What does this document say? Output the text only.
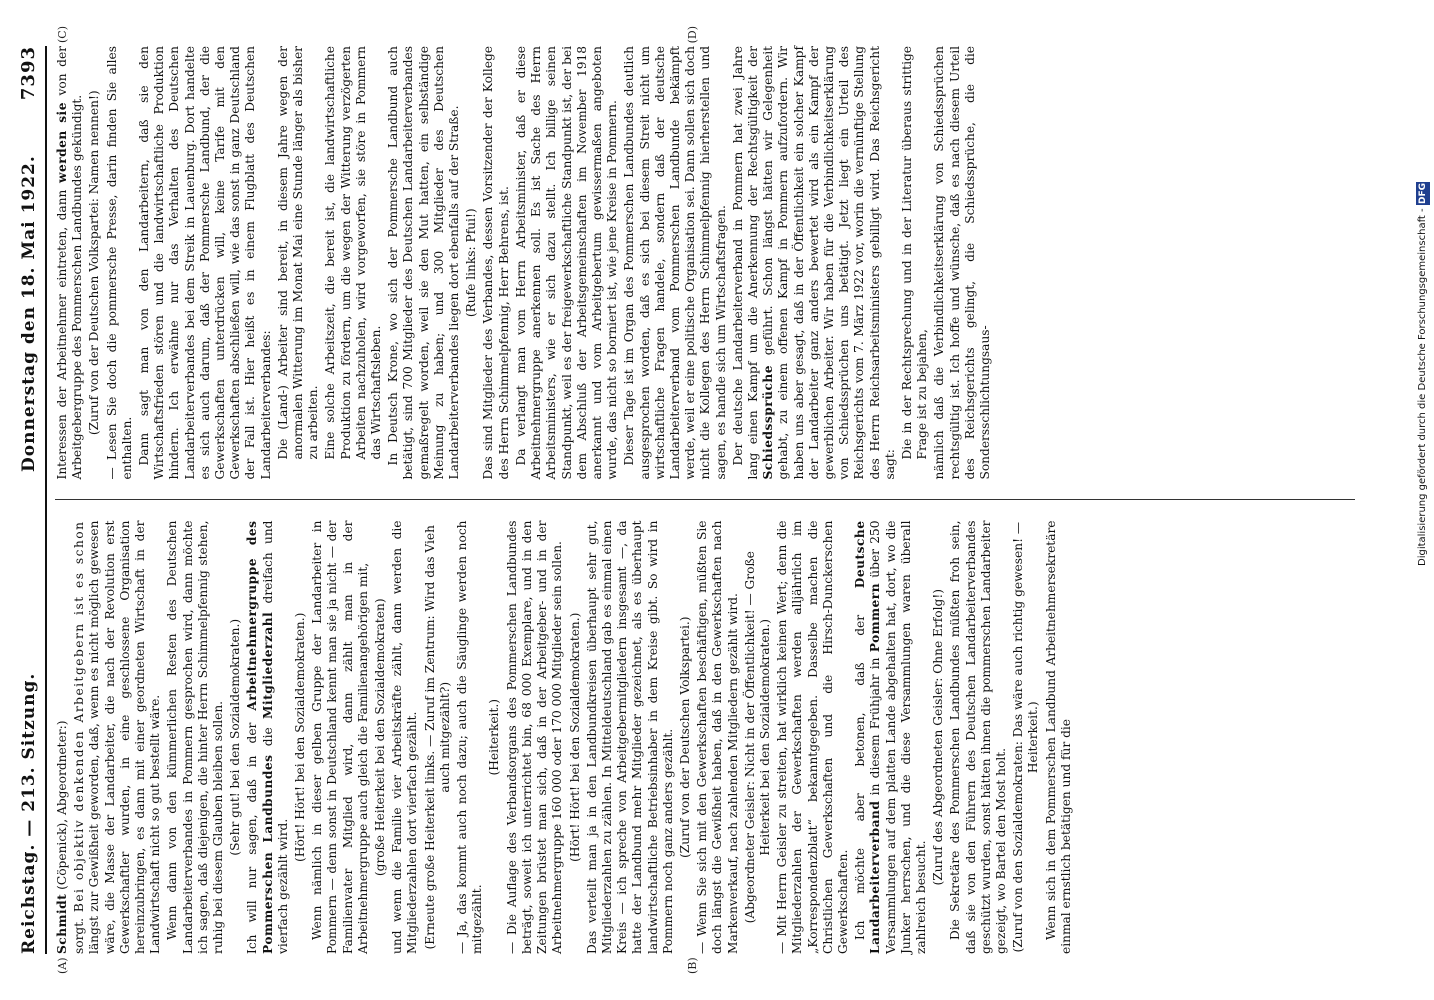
Reichstag. — 213. Sitzung.
Donnerstag den 18. Mai 1922.
7393
(A)	(B)

Schmidt (Cöpenick), Abgeordneter:)

sorgt. Bei objektiv denkenden Arbeitgebern ist es schon längst zur Gewißheit geworden, daß, wenn es nicht möglich gewesen wäre, die Masse der Landarbeiter, die nach der Revolution erst Gewerkschaftler wurden, in eine geschlossene Organisation hereinzubringen, es dann mit einer geordneten Wirtschaft in der Landwirtschaft nicht so gut bestellt wäre. Wenn dann von den kümmerlichen Resten des Deutschen Landarbeiterverbandes in Pommern gesprochen wird, dann möchte ich sagen, daß diejenigen, die hinter Herrn Schimmelpfennig stehen, ruhig bei diesem Glauben bleiben sollen. (Sehr gut! bei den Sozialdemokraten.) Ich will nur sagen, daß in der Arbeitnehmergruppe des Pommerschen Landbundes die Mitgliederzahl dreifach und vierfach gezählt wird.

(Hört! Hört! bei den Sozialdemokraten.) Wenn nämlich in dieser gelben Gruppe der Landarbeiter in Pommern — denn sonst in Deutschland kennt man sie ja nicht — der Familienvater Mitglied wird, dann zählt man in der Arbeitnehmergruppe auch gleich die Familienangehörigen mit, (große Heiterkeit bei den Sozialdemokraten) und wenn die Familie vier Arbeitskräfte zählt, dann werden die Mitgliederzahlen dort vierfach gezählt. (Erneute große Heiterkeit links. — Zuruf im Zentrum: Wird das Vieh auch mitgezählt?) — Ja, das kommt auch noch dazu; auch die Säuglinge werden noch mitgezählt.

(Heiterkeit.) — Die Auflage des Verbandsorgans des Pommerschen Landbundes beträgt, soweit ich unterrichtet bin, 68 000 Exemplare, und in den Zeitungen brüstet man sich, daß in der Arbeitgeber- und in der Arbeitnehmergruppe 160 000 oder 170 000 Mitglieder sein sollen. (Hört! Hört! bei den Sozialdemokraten.) Das verteilt man ja in den Landbundkreisen überhaupt sehr gut, Mitgliederzahlen zu zählen. In Mitteldeutschland gab es einmal einen Kreis — ich spreche von Arbeitgebermitgliedern insgesamt —, da hatte der Landbund mehr Mitglieder gezeichnet, als es überhaupt landwirtschaftliche Betriebsinhaber in dem Kreise gibt. So wird in Pommern noch ganz anders gezählt. (Zuruf von der Deutschen Volkspartei.) — Wenn Sie sich mit den Gewerkschaften beschäftigen, müßten Sie doch längst die Gewißheit haben, daß in den Gewerkschaften nach Markenverkauf, nach zahlenden Mitgliedern gezählt wird. (Abgeordneter Geisler: Nicht in der Öffentlichkeit! — Große Heiterkeit bei den Sozialdemokraten.) — Mit Herrn Geisler zu streiten, hat wirklich keinen Wert; denn die Mitgliederzahlen der Gewerkschaften werden alljährlich im „Korrespondenzblatt“ bekanntgegeben. Dasselbe machen die Christlichen Gewerkschaften und die Hirsch-Dunckerschen Gewerkschaften. Ich möchte aber betonen, daß der Deutsche Landarbeiterverband in diesem Frühjahr in Pommern über 250 Versammlungen auf dem platten Lande abgehalten hat, dort, wo die Junker herrschen, und die diese Versammlungen waren überall zahlreich besucht.

(Zuruf des Abgeordneten Geisler: Ohne Erfolg!) Die Sekretäre des Pommerschen Landbundes müßten froh sein, daß sie von den Führern des Deutschen Landarbeiterverbandes geschützt wurden, sonst hätten ihnen die pommerschen Landarbeiter gezeigt, wo Bartel den Most holt. (Zuruf von den Sozialdemokraten: Das wäre auch richtig gewesen! — Heiterkeit.) Wenn sich in dem Pommerschen Landbund Arbeitnehmersekretäre einmal ernstlich betätigen und für die

(C)	(D)

Interessen der Arbeitnehmer eintreten, dann werden sie von der Arbeitgebergruppe des Pommerschen Landbundes gekündigt. (Zuruf von der Deutschen Volkspartei: Namen nennen!) — Lesen Sie doch die pommersche Presse, darin finden Sie alles enthalten. Dann sagt man von den Landarbeitern, daß sie den Wirtschaftsfrieden stören und die landwirtschaftliche Produktion hindern. Ich erwähne nur das Verhalten des Deutschen Landarbeiterverbandes bei dem Streik in Lauenburg. Dort handelte es sich auch darum, daß der Pommersche Landbund, der die Gewerkschaften unterdrücken will, keine Tarife mit den Gewerkschaften abschließen will, wie das sonst in ganz Deutschland der Fall ist. Hier heißt es in einem Flugblatt des Deutschen Landarbeiterverbandes: Die (Land-) Arbeiter sind bereit, in diesem Jahre wegen der anormalen Witterung im Monat Mai eine Stunde länger als bisher zu arbeiten. Eine solche Arbeitszeit, die bereit ist, die landwirtschaftliche Produktion zu fördern, um die wegen der Witterung verzögerten Arbeiten nachzuholen, wird vorgeworfen, sie störe in Pommern das Wirtschaftsleben. In Deutsch Krone, wo sich der Pommersche Landbund auch betätigt, sind 700 Mitglieder des Deutschen Landarbeiterverbandes gemaßregelt worden, weil sie den Mut hatten, ein selbständige Meinung zu haben; und 300 Mitglieder des Deutschen Landarbeiterverbandes liegen dort ebenfalls auf der Straße. (Rufe links: Pfui!) Das sind Mitglieder des Verbandes, dessen Vorsitzender der Kollege des Herrn Schimmelpfennig, Herr Behrens, ist. Da verlangt man vom Herrn Arbeitsminister, daß er diese Arbeitnehmergruppe anerkennen soll. Es ist Sache des Herrn Arbeitsministers, wie er sich dazu stellt. Ich billige seinen Standpunkt, weil es der freigewerkschaftliche Standpunkt ist, der bei dem Abschluß der Arbeitsgemeinschaften im November 1918 anerkannt und vom Arbeitgebertum gewissermaßen angeboten wurde, das nicht so borniert ist, wie jene Kreise in Pommern. Dieser Tage ist im Organ des Pommerschen Landbundes deutlich ausgesprochen worden, daß es sich bei diesem Streit nicht um wirtschaftliche Fragen handele, sondern daß der deutsche Landarbeiterverband vom Pommerschen Landbunde bekämpft werde, weil er eine politische Organisation sei. Dann sollen sich doch nicht die Kollegen des Herrn Schimmelpfennig hierherstellen und sagen, es handle sich um Wirtschaftsfragen. Der deutsche Landarbeiterverband in Pommern hat zwei Jahre lang einen Kampf um die Anerkennung der Rechtsgültigkeit der Schiedssprüche geführt. Schon längst hätten wir Gelegenheit gehabt, zu einem offenen Kampf in Pommern aufzufordern. Wir haben uns aber gesagt, daß in der Öffentlichkeit ein solcher Kampf der Landarbeiter ganz anders bewertet wird als ein Kampf der gewerblichen Arbeiter. Wir haben für die Verbindlichkeitserklärung von Schiedssprüchen uns betätigt. Jetzt liegt ein Urteil des Reichsgerichts vom 7. März 1922 vor, worin die vernünftige Stellung des Herrn Reichsarbeitsministers gebilligt wird. Das Reichsgericht sagt:

Die in der Rechtsprechung und in der Literatur überaus strittige Frage ist zu bejahen, nämlich daß die Verbindlichkeitserklärung von Schiedssprüchen rechtsgültig ist. Ich hoffe und wünsche, daß es nach diesem Urteil des Reichsgerichts gelingt, die Schiedssprüche, die die Sondersschlichtungsaus-	Digitalisierung gefördert durch die Deutsche Forschungsgemeinschaft - DFG
